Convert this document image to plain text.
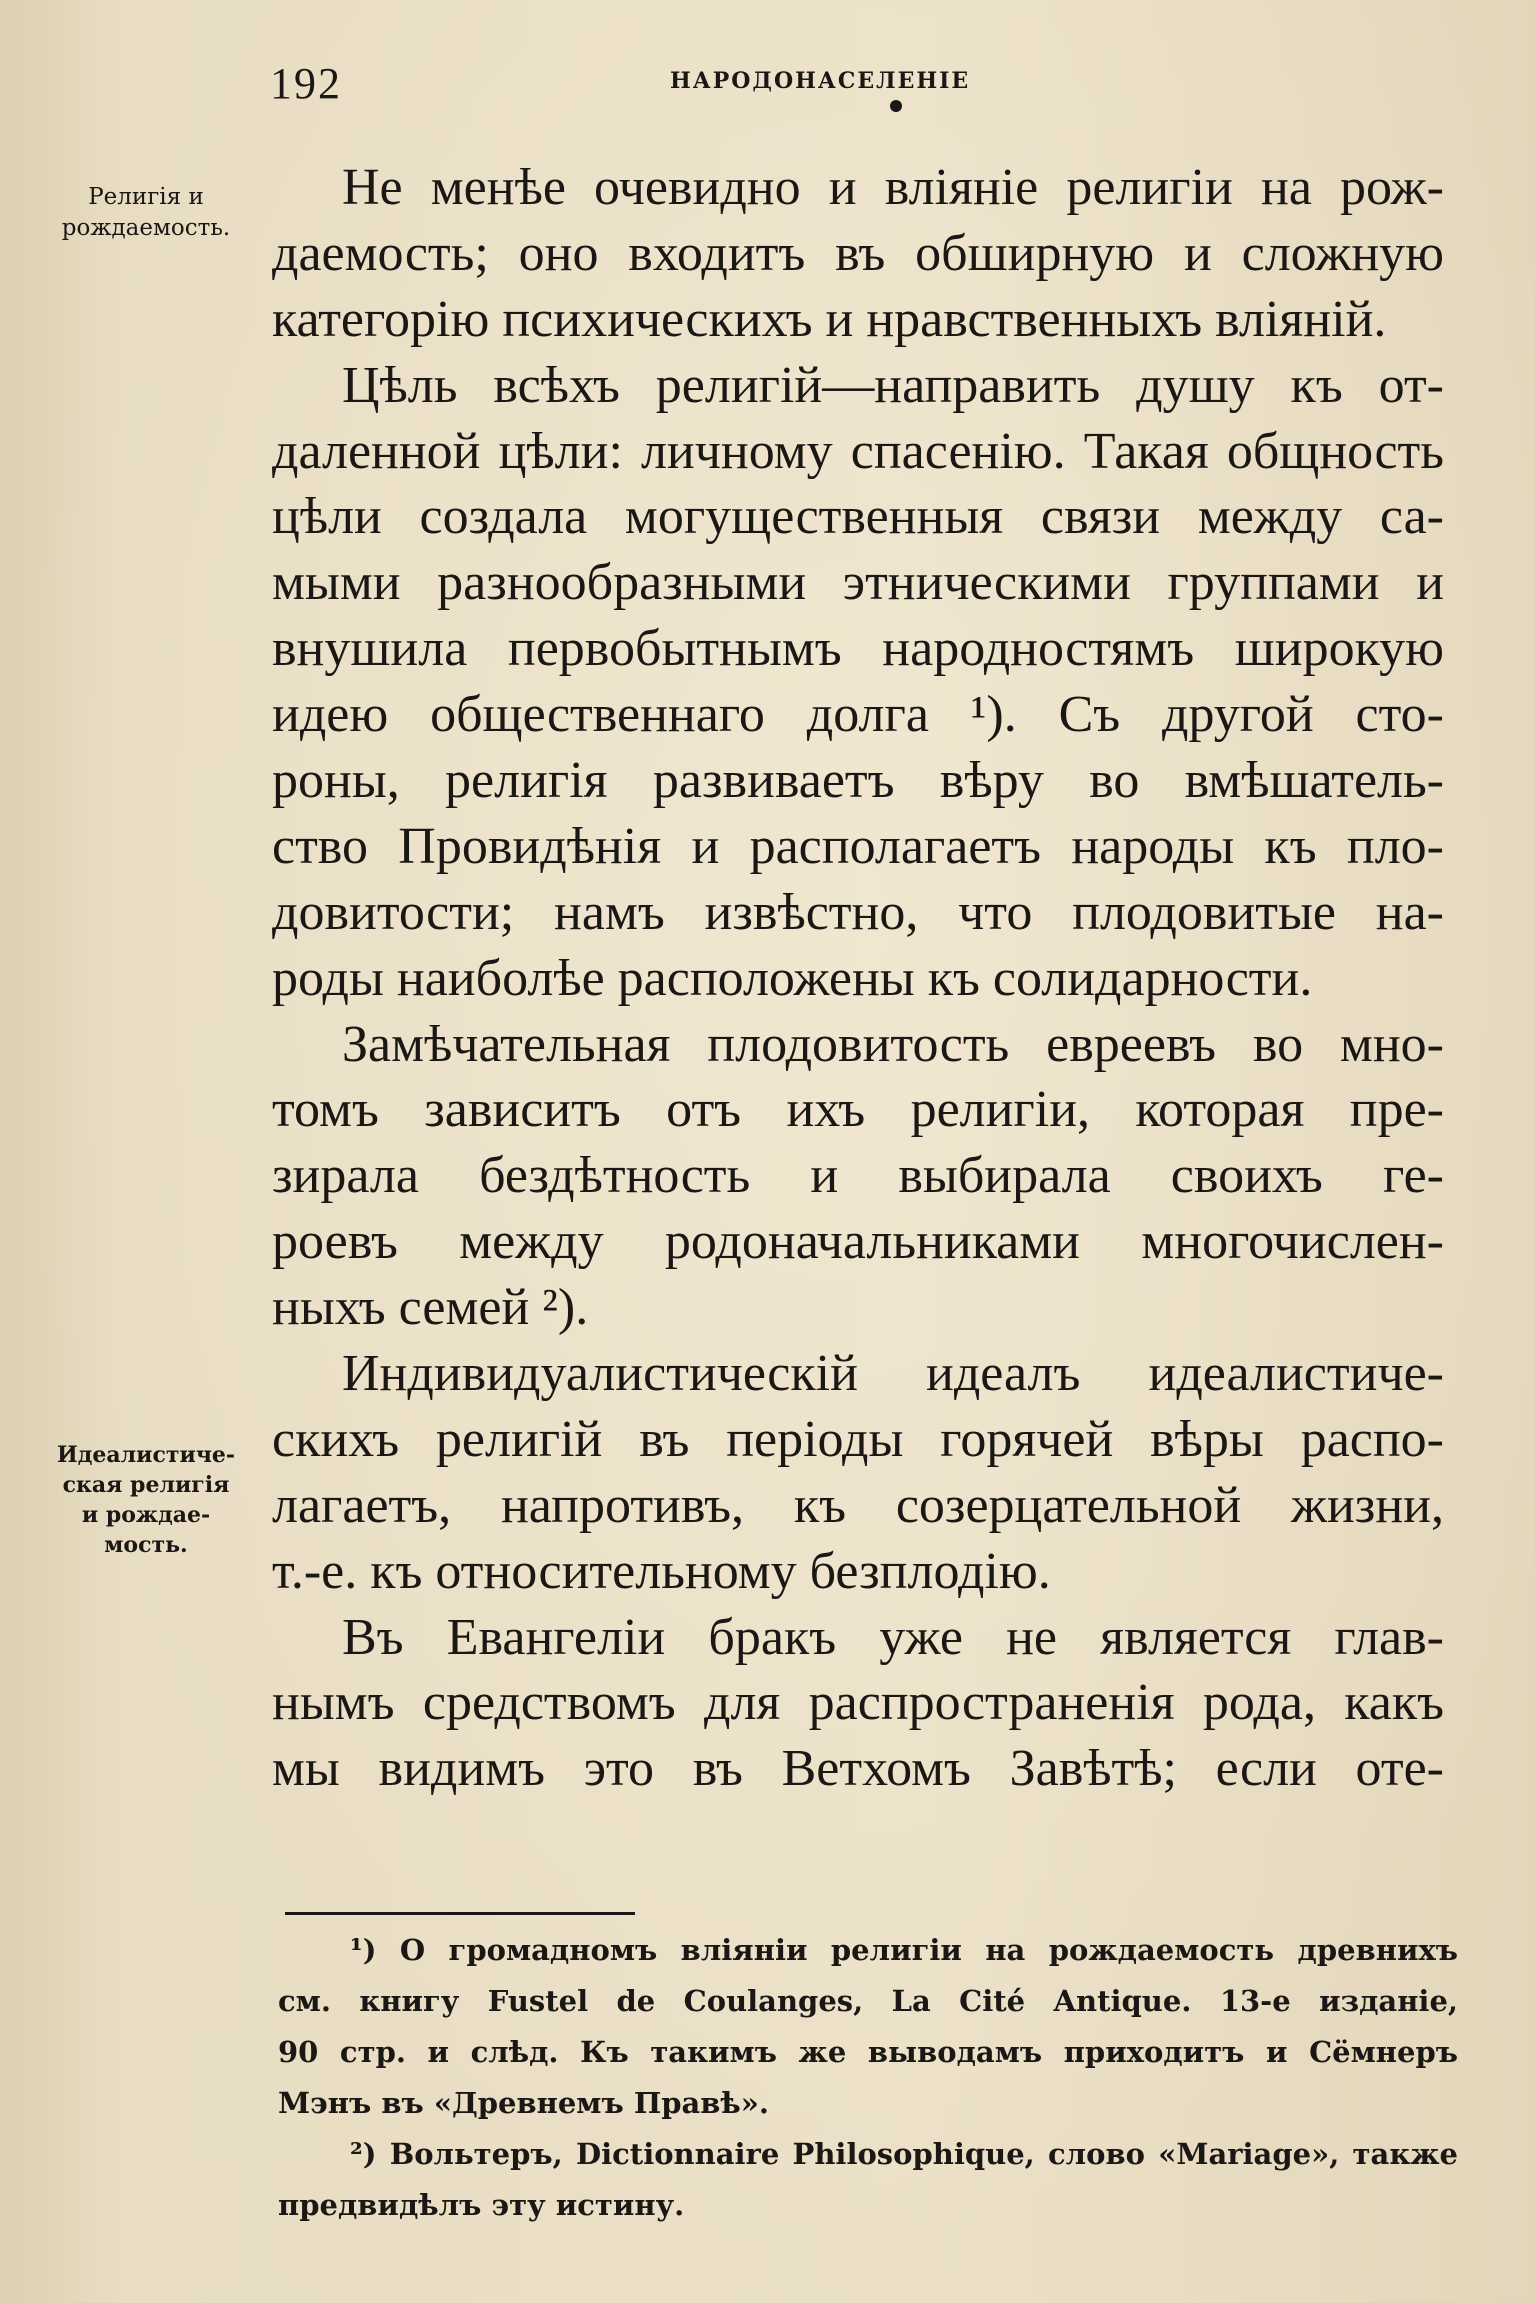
192	НАРОДОНАСЕЛЕНIЕ
Религiя и
рождаемость.
Идеалистиче-
ская религiя
и рождае-
мость.
Не менѣе очевидно и влiянiе религiи на рож-
даемость; оно входитъ въ обширную и сложную
категорiю психическихъ и нравственныхъ влiянiй.
Цѣль всѣхъ религiй—направить душу къ от-
даленной цѣли: личному спасенiю. Такая общность
цѣли создала могущественныя связи между са-
мыми разнообразными этническими группами и
внушила первобытнымъ народностямъ широкую
идею общественнаго долга ¹). Съ другой сто-
роны, религiя развиваетъ вѣру во вмѣшатель-
ство Провидѣнiя и располагаетъ народы къ пло-
довитости; намъ извѣстно, что плодовитые на-
роды наиболѣе расположены къ солидарности.
Замѣчательная плодовитость евреевъ во мно-
томъ зависитъ отъ ихъ религiи, которая пре-
зирала бездѣтность и выбирала своихъ ге-
роевъ между родоначальниками многочислен-
ныхъ семей ²).
Индивидуалистическiй идеалъ идеалистиче-
скихъ религiй въ перiоды горячей вѣры распо-
лагаетъ, напротивъ, къ созерцательной жизни,
т.-е. къ относительному безплодiю.
Въ Евангелiи бракъ уже не является глав-
нымъ средствомъ для распространенiя рода, какъ
мы видимъ это въ Ветхомъ Завѣтѣ; если оте-
¹) О громадномъ влiянiи религiи на рождаемость древнихъ
см. книгу Fustel de Coulanges, La Cité Antique. 13-е изданiе,
90 стр. и слѣд. Къ такимъ же выводамъ приходитъ и Сёмнеръ
Мэнъ въ «Древнемъ Правѣ».
²) Вольтеръ, Dictionnaire Philosophique, слово «Mariage», также
предвидѣлъ эту истину.
